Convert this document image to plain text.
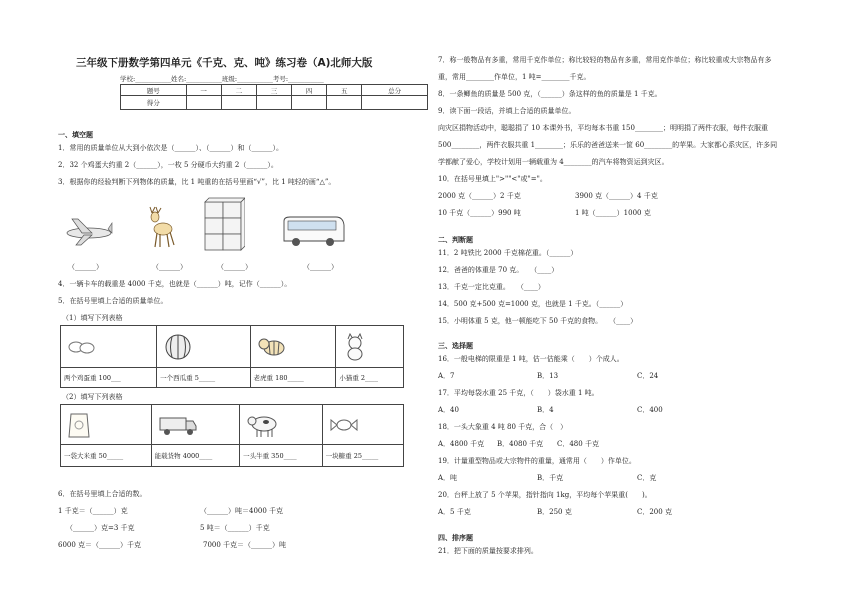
三年级下册数学第四单元《千克、克、吨》练习卷（A)北师大版
学校:___________姓名:___________班级:___________考号:___________
题号	一	二	三	四	五	总分
得分						
一、填空题
1．常用的质量单位从大到小依次是（______）、（______）和（______）。
2．32 个鸡蛋大约重 2（______），一枚 5 分硬币大约重 2（______）。
3．根据你的经验判断下列物体的质量，比 1 吨重的在括号里画“√”，比 1 吨轻的画“△”。
（______）	（______）	（______）	（______）
4．一辆卡车的载重是 4000 千克，也就是（______）吨，记作（______）。
5．在括号里填上合适的质量单位。
（1）填写下列表格

两个鸡蛋重 100___	一个西瓜重 5_____	老虎重 180_____	小猫重 2____
（2）填写下列表格

一袋大米重 50_____	能载货物 4000____	一头牛重 350____	一块糖重 25_____
6．在括号里填上合适的数。
1 千克＝（______）克	（______）吨＝4000 千克
（______）克=3 千克	5 吨＝（______）千克
6000 克＝（______）千克	7000 千克＝（______）吨
7．称一般物品有多重，常用千克作单位；称比较轻的物品有多重，常用克作单位；称比较重或大宗物品有多
重，常用________作单位，1 吨=________千克。
8．一条鲫鱼的质量是 500 克，（______）条这样的鱼的质量是 1 千克。
9．读下面一段话，并填上合适的质量单位。
向灾区捐物活动中，聪聪捐了 10 本课外书，平均每本书重 150________；明明捐了两件衣服，每件衣服重
500________，两件衣服共重 1________；乐乐的爸爸送来一筐 60________的苹果。大家都心系灾区，许多同
学都献了爱心，学校计划用一辆载重为 4________的汽车将物资运到灾区。
10．在括号里填上">""<"或"="。
2000 克（______）2 千克	3900 克（______）4 千克
10 千克（______）990 吨	1 吨（______）1000 克
二、判断题
11．2 吨铁比 2000 千克棉花重。（______）
12．爸爸的体重是 70 克。　　（____）
13．千克一定比克重。　　（____）
14．500 克+500 克=1000 克，也就是 1 千克。（______）
15．小明体重 5 克，他一顿能吃下 50 千克的食物。　　（____）
三、选择题
16．一般电梯的限重是 1 吨，估一估能乘（　　）个成人。
A．7	B．13	C．24
17．平均每袋水重 25 千克，（　　）袋水重 1 吨。
A．40	B．4	C．400
18．一头大象重 4 吨 80 千克，合（　）
A．4800 千克 B．4080 千克 C．480 千克
19．计量重型物品或大宗物件的重量，通常用（　　）作单位。
A．吨	B．千克	C．克
20．台秤上放了 5 个苹果，指针指向 1kg，平均每个苹果重(　　)。
A．5 千克	B．250 克	C．200 克
四、排序题
21．把下面的质量按要求排列。
